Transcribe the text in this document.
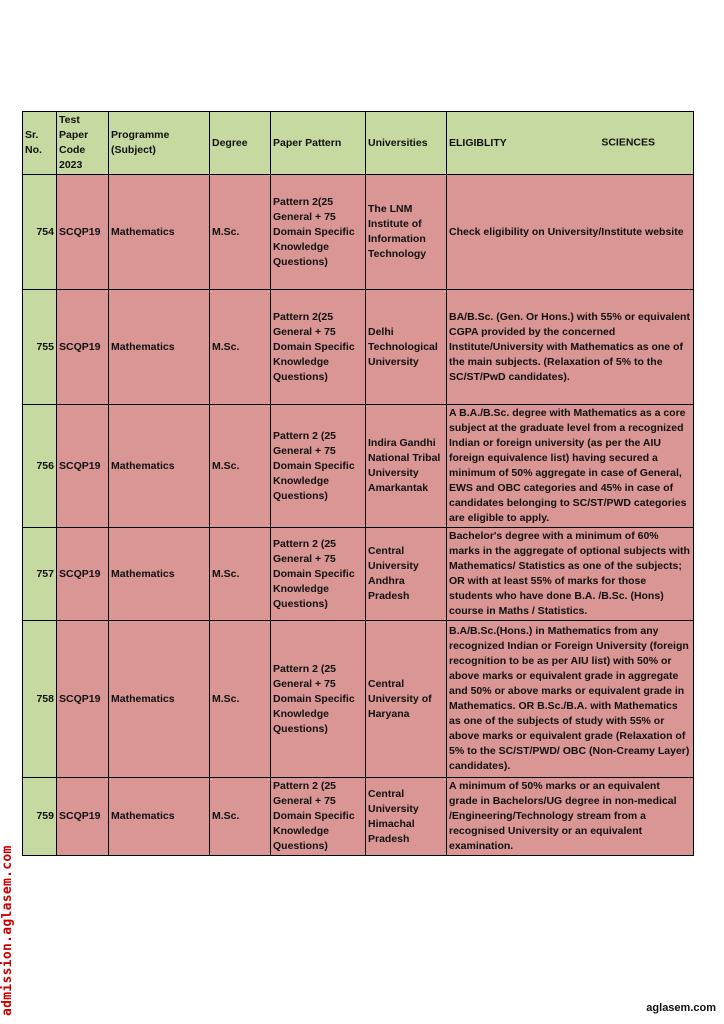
Sr. No.	Test Paper Code 2023	Programme (Subject)	Degree	Paper Pattern	Universities	ELIGIBLITY SCIENCES

754	SCQP19	Mathematics	M.Sc.	Pattern 2(25 General + 75 Domain Specific Knowledge Questions)	The LNM Institute of Information Technology	Check eligibility on University/Institute website
755	SCQP19	Mathematics	M.Sc.	Pattern 2(25 General + 75 Domain Specific Knowledge Questions)	Delhi Technological University	BA/B.Sc. (Gen. Or Hons.) with 55% or equivalent CGPA provided by the concerned Institute/University with Mathematics as one of the main subjects. (Relaxation of 5% to the SC/ST/PwD candidates).
756	SCQP19	Mathematics	M.Sc.	Pattern 2 (25 General + 75 Domain Specific Knowledge Questions)	Indira Gandhi National Tribal University Amarkantak	A B.A./B.Sc. degree with Mathematics as a core subject at the graduate level from a recognized Indian or foreign university (as per the AIU foreign equivalence list) having secured a minimum of 50% aggregate in case of General, EWS and OBC categories and 45% in case of candidates belonging to SC/ST/PWD categories are eligible to apply.
757	SCQP19	Mathematics	M.Sc.	Pattern 2 (25 General + 75 Domain Specific Knowledge Questions)	Central University Andhra Pradesh	Bachelor's degree with a minimum of 60% marks in the aggregate of optional subjects with Mathematics/ Statistics as one of the subjects; OR with at least 55% of marks for those students who have done B.A. /B.Sc. (Hons) course in Maths / Statistics.
758	SCQP19	Mathematics	M.Sc.	Pattern 2 (25 General + 75 Domain Specific Knowledge Questions)	Central University of Haryana	B.A/B.Sc.(Hons.) in Mathematics from any recognized Indian or Foreign University (foreign recognition to be as per AIU list) with 50% or above marks or equivalent grade in aggregate and 50% or above marks or equivalent grade in Mathematics. OR B.Sc./B.A. with Mathematics as one of the subjects of study with 55% or above marks or equivalent grade (Relaxation of 5% to the SC/ST/PWD/ OBC (Non-Creamy Layer) candidates).
759	SCQP19	Mathematics	M.Sc.	Pattern 2 (25 General + 75 Domain Specific Knowledge Questions)	Central University Himachal Pradesh	A minimum of 50% marks or an equivalent grade in Bachelors/UG degree in non-medical /Engineering/Technology stream from a recognised University or an equivalent examination.
admission.aglasem.com	aglasem.com
